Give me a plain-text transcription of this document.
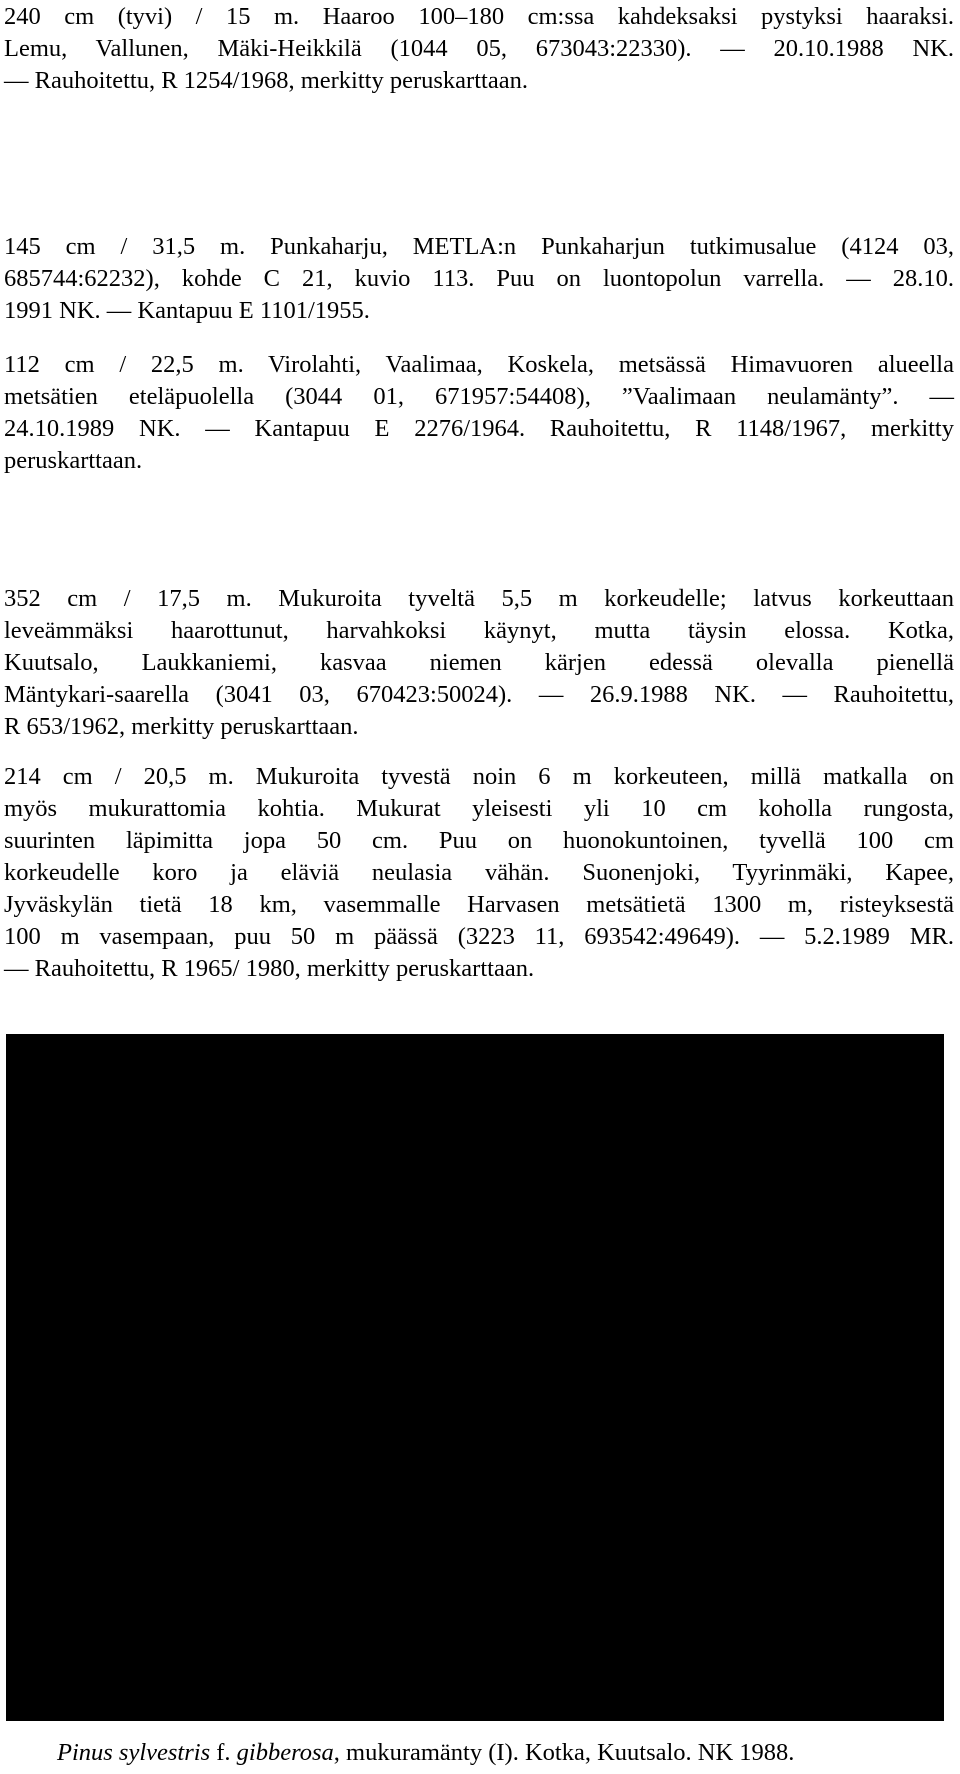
240 cm (tyvi) / 15 m. Haaroo 100–180 cm:ssa kahdeksaksi pystyksi haaraksi.
Lemu, Vallunen, Mäki-Heikkilä (1044 05, 673043:22330). — 20.10.1988 NK.
— Rauhoitettu, R 1254/1968, merkitty peruskarttaan.
145 cm / 31,5 m. Punkaharju, METLA:n Punkaharjun tutkimusalue (4124 03,
685744:62232), kohde C 21, kuvio 113. Puu on luontopolun varrella. — 28.10.
1991 NK. — Kantapuu E 1101/1955.
112 cm / 22,5 m. Virolahti, Vaalimaa, Koskela, metsässä Himavuoren alueella
metsätien eteläpuolella (3044 01, 671957:54408), ”Vaalimaan neulamänty”. —
24.10.1989 NK. — Kantapuu E 2276/1964. Rauhoitettu, R 1148/1967, merkitty
peruskarttaan.
352 cm / 17,5 m. Mukuroita tyveltä 5,5 m korkeudelle; latvus korkeuttaan
leveämmäksi haarottunut, harvahkoksi käynyt, mutta täysin elossa. Kotka,
Kuutsalo, Laukkaniemi, kasvaa niemen kärjen edessä olevalla pienellä
Mäntykari-saarella (3041 03, 670423:50024). — 26.9.1988 NK. — Rauhoitettu,
R 653/1962, merkitty peruskarttaan.
214 cm / 20,5 m. Mukuroita tyvestä noin 6 m korkeuteen, millä matkalla on
myös mukurattomia kohtia. Mukurat yleisesti yli 10 cm koholla rungosta,
suurinten läpimitta jopa 50 cm. Puu on huonokuntoinen, tyvellä 100 cm
korkeudelle koro ja eläviä neulasia vähän. Suonenjoki, Tyyrinmäki, Kapee,
Jyväskylän tietä 18 km, vasemmalle Harvasen metsätietä 1300 m, risteyksestä
100 m vasempaan, puu 50 m päässä (3223 11, 693542:49649). — 5.2.1989 MR.
— Rauhoitettu, R 1965/ 1980, merkitty peruskarttaan.
Pinus sylvestris f. gibberosa, mukuramänty (I). Kotka, Kuutsalo. NK 1988.
